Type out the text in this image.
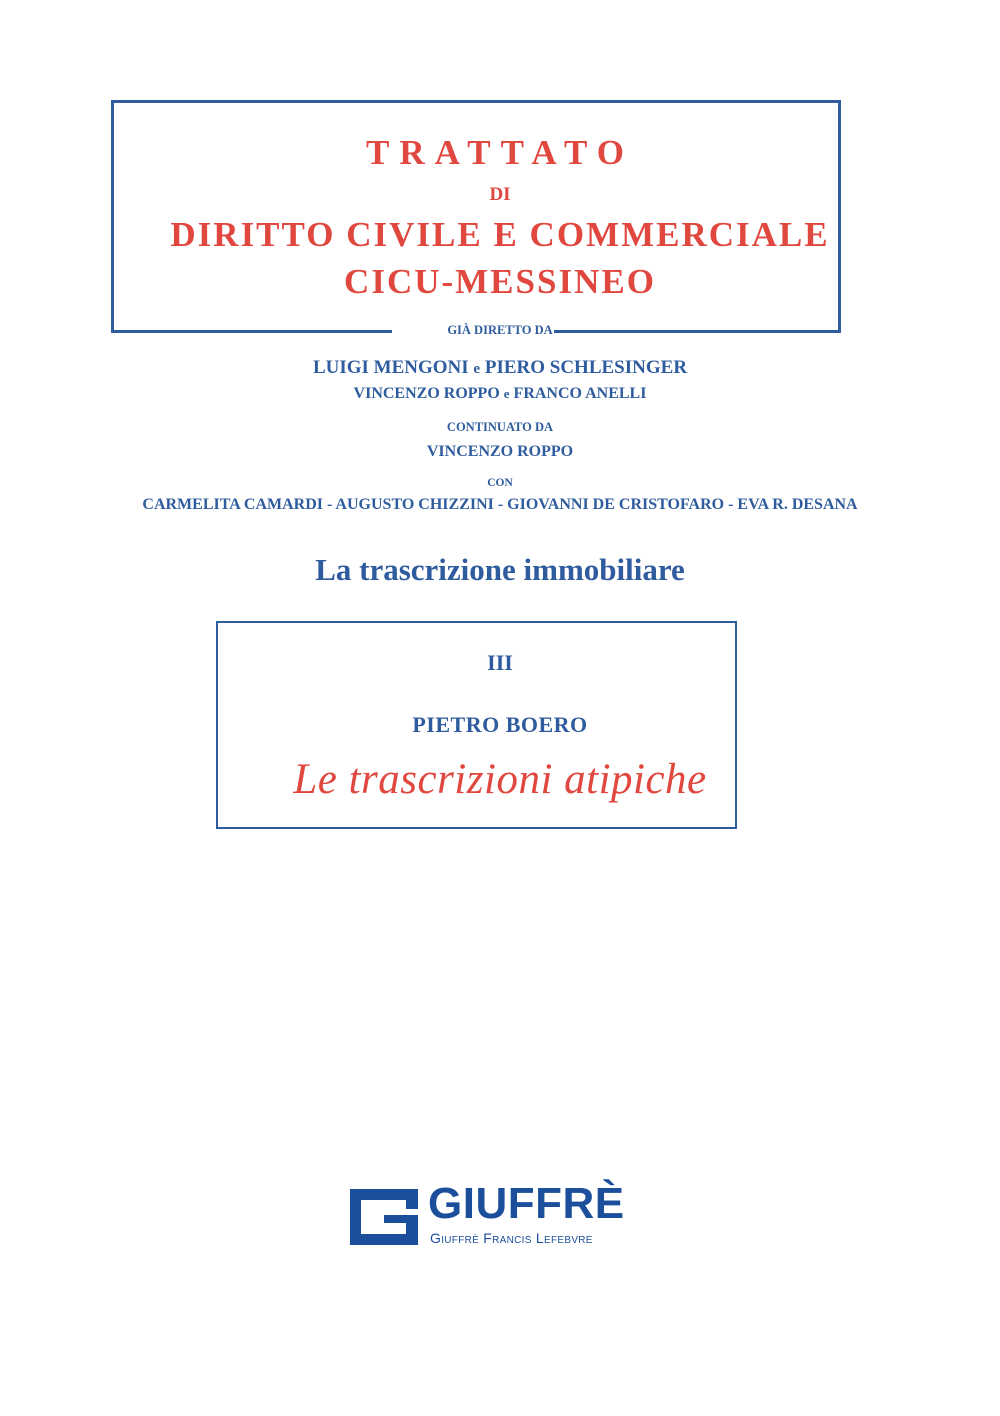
TRATTATO
DI
DIRITTO CIVILE E COMMERCIALE
CICU-MESSINEO
GIÀ DIRETTO DA
LUIGI MENGONI e PIERO SCHLESINGER
VINCENZO ROPPO e FRANCO ANELLI
CONTINUATO DA
VINCENZO ROPPO
CON
CARMELITA CAMARDI - AUGUSTO CHIZZINI - GIOVANNI DE CRISTOFARO - EVA R. DESANA
La trascrizione immobiliare
III
PIETRO BOERO
Le trascrizioni atipiche
GIUFFRÈ
Giuffrè Francis Lefebvre
